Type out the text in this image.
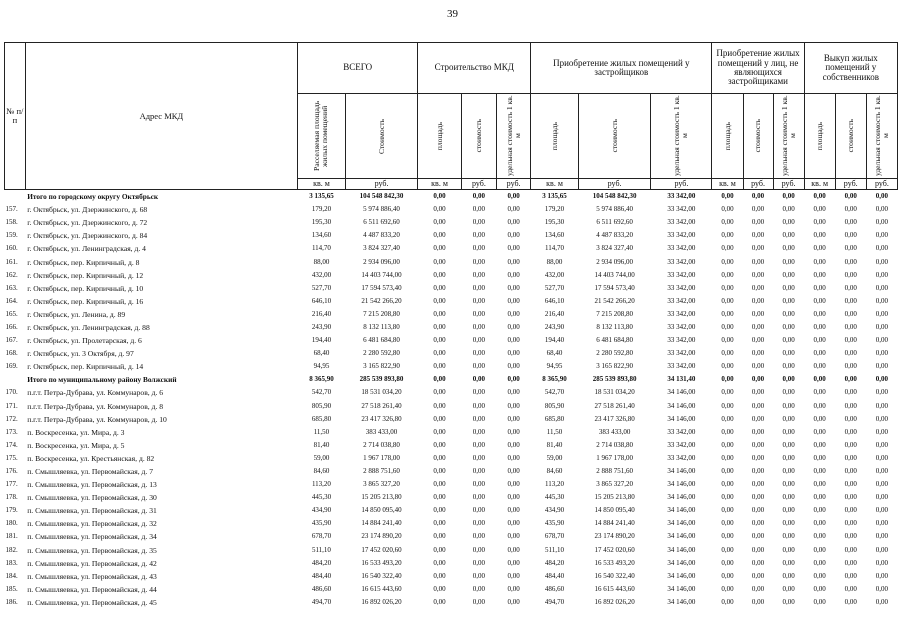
39
№ п/п	Адрес МКД	ВСЕГО		Строительство МКД			Приобретение жилых помещений у застройщиков			Приобретение жилых помещений у лиц, не являющихся застройщиками			Выкуп жилых помещений у собственников		

		Расселяемая площадь жилых помещений	Стоимость	площадь	стоимость	удельная стоимость 1 кв. м	площадь	стоимость	удельная стоимость 1 кв. м	площадь	стоимость	удельная стоимость 1 кв. м	площадь	стоимость	удельная стоимость 1 кв. м

		кв. м	руб.	кв. м	руб.	руб.	кв. м	руб.	руб.	кв. м	руб.	руб.	кв. м	руб.	руб.
	Итого по городскому округу Октябрьск	3 135,65	104 548 842,30	0,00	0,00	0,00	3 135,65	104 548 842,30	33 342,00	0,00	0,00	0,00	0,00	0,00	0,00
157.	г. Октябрьск, ул. Дзержинского, д. 68	179,20	5 974 886,40	0,00	0,00	0,00	179,20	5 974 886,40	33 342,00	0,00	0,00	0,00	0,00	0,00	0,00
158.	г. Октябрьск, ул. Дзержинского, д. 72	195,30	6 511 692,60	0,00	0,00	0,00	195,30	6 511 692,60	33 342,00	0,00	0,00	0,00	0,00	0,00	0,00
159.	г. Октябрьск, ул. Дзержинского, д. 84	134,60	4 487 833,20	0,00	0,00	0,00	134,60	4 487 833,20	33 342,00	0,00	0,00	0,00	0,00	0,00	0,00
160.	г. Октябрьск, ул. Ленинградская, д. 4	114,70	3 824 327,40	0,00	0,00	0,00	114,70	3 824 327,40	33 342,00	0,00	0,00	0,00	0,00	0,00	0,00
161.	г. Октябрьск, пер. Кирпичный, д. 8	88,00	2 934 096,00	0,00	0,00	0,00	88,00	2 934 096,00	33 342,00	0,00	0,00	0,00	0,00	0,00	0,00
162.	г. Октябрьск, пер. Кирпичный, д. 12	432,00	14 403 744,00	0,00	0,00	0,00	432,00	14 403 744,00	33 342,00	0,00	0,00	0,00	0,00	0,00	0,00
163.	г. Октябрьск, пер. Кирпичный, д. 10	527,70	17 594 573,40	0,00	0,00	0,00	527,70	17 594 573,40	33 342,00	0,00	0,00	0,00	0,00	0,00	0,00
164.	г. Октябрьск, пер. Кирпичный, д. 16	646,10	21 542 266,20	0,00	0,00	0,00	646,10	21 542 266,20	33 342,00	0,00	0,00	0,00	0,00	0,00	0,00
165.	г. Октябрьск, ул. Ленина, д. 89	216,40	7 215 208,80	0,00	0,00	0,00	216,40	7 215 208,80	33 342,00	0,00	0,00	0,00	0,00	0,00	0,00
166.	г. Октябрьск, ул. Ленинградская, д. 88	243,90	8 132 113,80	0,00	0,00	0,00	243,90	8 132 113,80	33 342,00	0,00	0,00	0,00	0,00	0,00	0,00
167.	г. Октябрьск, ул. Пролетарская, д. 6	194,40	6 481 684,80	0,00	0,00	0,00	194,40	6 481 684,80	33 342,00	0,00	0,00	0,00	0,00	0,00	0,00
168.	г. Октябрьск, ул. 3 Октября, д. 97	68,40	2 280 592,80	0,00	0,00	0,00	68,40	2 280 592,80	33 342,00	0,00	0,00	0,00	0,00	0,00	0,00
169.	г. Октябрьск, пер. Кирпичный, д. 14	94,95	3 165 822,90	0,00	0,00	0,00	94,95	3 165 822,90	33 342,00	0,00	0,00	0,00	0,00	0,00	0,00
	Итого по муниципальному району Волжский	8 365,90	285 539 893,80	0,00	0,00	0,00	8 365,90	285 539 893,80	34 131,40	0,00	0,00	0,00	0,00	0,00	0,00
170.	п.г.т. Петра-Дубрава, ул. Коммунаров, д. 6	542,70	18 531 034,20	0,00	0,00	0,00	542,70	18 531 034,20	34 146,00	0,00	0,00	0,00	0,00	0,00	0,00
171.	п.г.т. Петра-Дубрава, ул. Коммунаров, д. 8	805,90	27 518 261,40	0,00	0,00	0,00	805,90	27 518 261,40	34 146,00	0,00	0,00	0,00	0,00	0,00	0,00
172.	п.г.т. Петра-Дубрава, ул. Коммунаров, д. 10	685,80	23 417 326,80	0,00	0,00	0,00	685,80	23 417 326,80	34 146,00	0,00	0,00	0,00	0,00	0,00	0,00
173.	п. Воскресенка, ул. Мира, д. 3	11,50	383 433,00	0,00	0,00	0,00	11,50	383 433,00	33 342,00	0,00	0,00	0,00	0,00	0,00	0,00
174.	п. Воскресенка, ул. Мира, д. 5	81,40	2 714 038,80	0,00	0,00	0,00	81,40	2 714 038,80	33 342,00	0,00	0,00	0,00	0,00	0,00	0,00
175.	п. Воскресенка, ул. Крестьянская, д. 82	59,00	1 967 178,00	0,00	0,00	0,00	59,00	1 967 178,00	33 342,00	0,00	0,00	0,00	0,00	0,00	0,00
176.	п. Смышляевка, ул. Первомайская, д. 7	84,60	2 888 751,60	0,00	0,00	0,00	84,60	2 888 751,60	34 146,00	0,00	0,00	0,00	0,00	0,00	0,00
177.	п. Смышляевка, ул. Первомайская, д. 13	113,20	3 865 327,20	0,00	0,00	0,00	113,20	3 865 327,20	34 146,00	0,00	0,00	0,00	0,00	0,00	0,00
178.	п. Смышляевка, ул. Первомайская, д. 30	445,30	15 205 213,80	0,00	0,00	0,00	445,30	15 205 213,80	34 146,00	0,00	0,00	0,00	0,00	0,00	0,00
179.	п. Смышляевка, ул. Первомайская, д. 31	434,90	14 850 095,40	0,00	0,00	0,00	434,90	14 850 095,40	34 146,00	0,00	0,00	0,00	0,00	0,00	0,00
180.	п. Смышляевка, ул. Первомайская, д. 32	435,90	14 884 241,40	0,00	0,00	0,00	435,90	14 884 241,40	34 146,00	0,00	0,00	0,00	0,00	0,00	0,00
181.	п. Смышляевка, ул. Первомайская, д. 34	678,70	23 174 890,20	0,00	0,00	0,00	678,70	23 174 890,20	34 146,00	0,00	0,00	0,00	0,00	0,00	0,00
182.	п. Смышляевка, ул. Первомайская, д. 35	511,10	17 452 020,60	0,00	0,00	0,00	511,10	17 452 020,60	34 146,00	0,00	0,00	0,00	0,00	0,00	0,00
183.	п. Смышляевка, ул. Первомайская, д. 42	484,20	16 533 493,20	0,00	0,00	0,00	484,20	16 533 493,20	34 146,00	0,00	0,00	0,00	0,00	0,00	0,00
184.	п. Смышляевка, ул. Первомайская, д. 43	484,40	16 540 322,40	0,00	0,00	0,00	484,40	16 540 322,40	34 146,00	0,00	0,00	0,00	0,00	0,00	0,00
185.	п. Смышляевка, ул. Первомайская, д. 44	486,60	16 615 443,60	0,00	0,00	0,00	486,60	16 615 443,60	34 146,00	0,00	0,00	0,00	0,00	0,00	0,00
186.	п. Смышляевка, ул. Первомайская, д. 45	494,70	16 892 026,20	0,00	0,00	0,00	494,70	16 892 026,20	34 146,00	0,00	0,00	0,00	0,00	0,00	0,00
